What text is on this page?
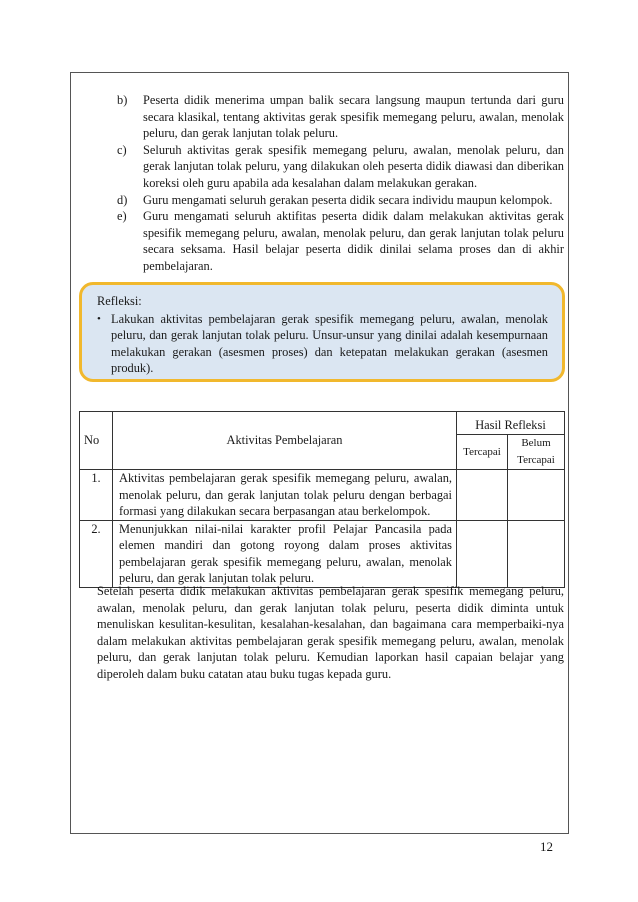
b)	Peserta didik menerima umpan balik secara langsung maupun tertunda dari guru secara klasikal, tentang aktivitas gerak spesifik memegang peluru, awalan, menolak peluru, dan gerak lanjutan tolak peluru.
c)	Seluruh aktivitas gerak spesifik memegang peluru, awalan, menolak peluru, dan gerak lanjutan tolak peluru, yang dilakukan oleh peserta didik diawasi dan diberikan koreksi oleh guru apabila ada kesalahan dalam melakukan gerakan.
d)	Guru mengamati seluruh gerakan peserta didik secara individu maupun kelompok.
e)	Guru mengamati seluruh aktifitas peserta didik dalam melakukan aktivitas gerak spesifik memegang peluru, awalan, menolak peluru, dan gerak lanjutan tolak peluru secara seksama. Hasil belajar peserta didik dinilai selama proses dan di akhir pembelajaran.
Refleksi:
• Lakukan aktivitas pembelajaran gerak spesifik memegang peluru, awalan, menolak peluru, dan gerak lanjutan tolak peluru. Unsur-unsur yang dinilai adalah kesempurnaan melakukan gerakan (asesmen proses) dan ketepatan melakukan gerakan (asesmen produk).
No	Aktivitas Pembelajaran	Hasil Refleksi	
		Tercapai	Belum
Tercapai
1.	Aktivitas pembelajaran gerak spesifik memegang peluru, awalan, menolak peluru, dan gerak lanjutan tolak peluru dengan berbagai formasi yang dilakukan secara berpasangan atau berkelompok.		
2.	Menunjukkan nilai-nilai karakter profil Pelajar Pancasila pada elemen mandiri dan gotong royong dalam proses aktivitas pembelajaran gerak spesifik memegang peluru, awalan, menolak peluru, dan gerak lanjutan tolak peluru.		

Setelah peserta didik melakukan aktivitas pembelajaran gerak spesifik memegang peluru, awalan, menolak peluru, dan gerak lanjutan tolak peluru, peserta didik diminta untuk menuliskan kesulitan-kesulitan, kesalahan-kesalahan, dan bagaimana cara memperbaiki-nya dalam melakukan aktivitas pembelajaran gerak spesifik memegang peluru, awalan, menolak peluru, dan gerak lanjutan tolak peluru. Kemudian laporkan hasil capaian belajar yang diperoleh dalam buku catatan atau buku tugas kepada guru.

12
